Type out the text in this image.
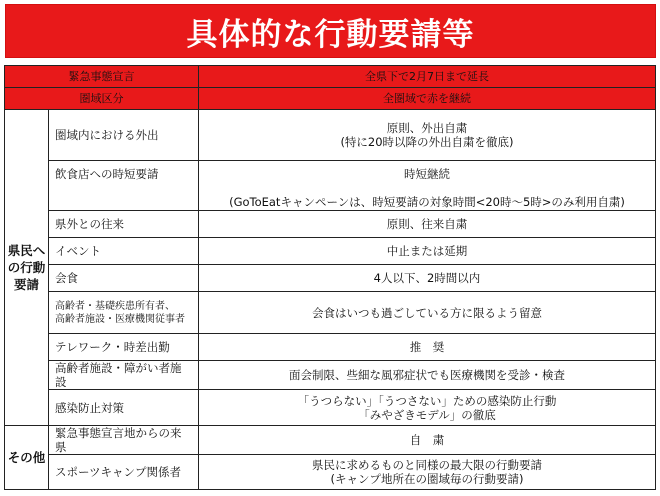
具体的な行動要請等
緊急事態宣言		全県下で2月7日まで延長
圏域区分		全圏域で赤を継続
県民への行動要請	圏域内における外出	原則、外出自粛
(特に20時以降の外出自粛を徹底)

	飲食店への時短要請	時短継続

(GoToEatキャンペーンは、時短要請の対象時間<20時～5時>のみ利用自粛)

	県外との往来	原則、往来自粛
	イベント	中止または延期
	会食	4人以下、2時間以内

	高齢者・基礎疾患所有者、
高齢者施設・医療機関従事者	会食はいつも過ごしている方に限るよう留意
	テレワーク・時差出勤	推　奨
	高齢者施設・障がい者施設	面会制限、些細な風邪症状でも医療機関を受診・検査
	感染防止対策	「うつらない」「うつさない」ための感染防止行動
「みやざきモデル」の徹底

その他	緊急事態宣言地からの来県	自　粛
	スポーツキャンプ関係者	県民に求めるものと同様の最大限の行動要請
(キャンプ地所在の圏域毎の行動要請)
